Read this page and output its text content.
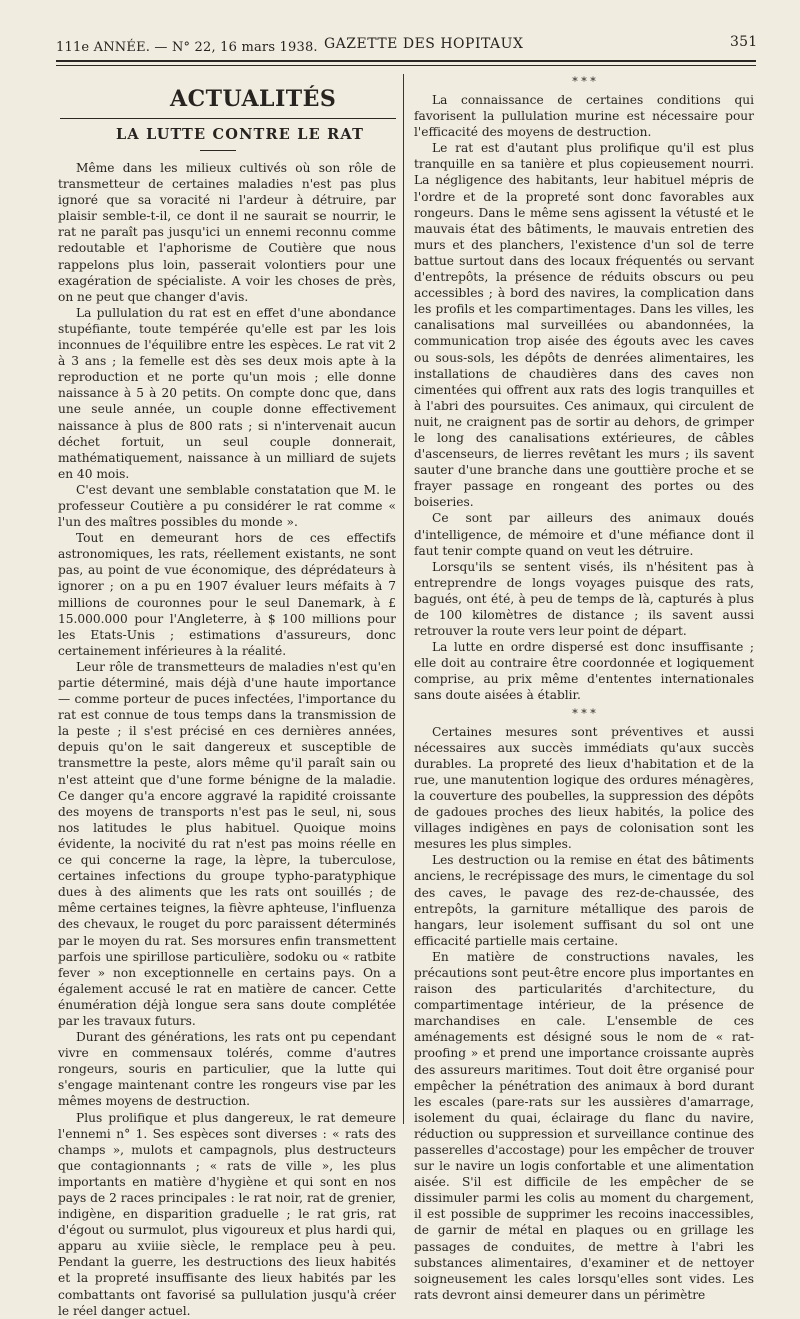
111e ANNÉE. — N° 22, 16 mars 1938. GAZETTE DES HOPITAUX	351
ACTUALITÉS
LA LUTTE CONTRE LE RAT

Même dans les milieux cultivés où son rôle de transmetteur de certaines maladies n'est pas plus ignoré que sa voracité ni l'ardeur à détruire, par plaisir semble-t-il, ce dont il ne saurait se nourrir, le rat ne paraît pas jusqu'ici un ennemi reconnu comme redoutable et l'aphorisme de Coutière que nous rappelons plus loin, passerait volontiers pour une exagération de spécialiste. A voir les choses de près, on ne peut que changer d'avis.

La pullulation du rat est en effet d'une abondance stupéfiante, toute tempérée qu'elle est par les lois inconnues de l'équilibre entre les espèces. Le rat vit 2 à 3 ans ; la femelle est dès ses deux mois apte à la reproduction et ne porte qu'un mois ; elle donne naissance à 5 à 20 petits. On compte donc que, dans une seule année, un couple donne effectivement naissance à plus de 800 rats ; si n'intervenait aucun déchet fortuit, un seul couple donnerait, mathématiquement, naissance à un milliard de sujets en 40 mois.

C'est devant une semblable constatation que M. le professeur Coutière a pu considérer le rat comme « l'un des maîtres possibles du monde ».

Tout en demeurant hors de ces effectifs astronomiques, les rats, réellement existants, ne sont pas, au point de vue économique, des déprédateurs à ignorer ; on a pu en 1907 évaluer leurs méfaits à 7 millions de couronnes pour le seul Danemark, à £ 15.000.000 pour l'Angleterre, à $ 100 millions pour les Etats-Unis ; estimations d'assureurs, donc certainement inférieures à la réalité.

Leur rôle de transmetteurs de maladies n'est qu'en partie déterminé, mais déjà d'une haute importance — comme porteur de puces infectées, l'importance du rat est connue de tous temps dans la transmission de la peste ; il s'est précisé en ces dernières années, depuis qu'on le sait dangereux et susceptible de transmettre la peste, alors même qu'il paraît sain ou n'est atteint que d'une forme bénigne de la maladie. Ce danger qu'a encore aggravé la rapidité croissante des moyens de transports n'est pas le seul, ni, sous nos latitudes le plus habituel. Quoique moins évidente, la nocivité du rat n'est pas moins réelle en ce qui concerne la rage, la lèpre, la tuberculose, certaines infections du groupe typho-paratyphique dues à des aliments que les rats ont souillés ; de même certaines teignes, la fièvre aphteuse, l'influenza des chevaux, le rouget du porc paraissent déterminés par le moyen du rat. Ses morsures enfin transmettent parfois une spirillose particulière, sodoku ou « ratbite fever » non exceptionnelle en certains pays. On a également accusé le rat en matière de cancer. Cette énumération déjà longue sera sans doute complétée par les travaux futurs.

Durant des générations, les rats ont pu cependant vivre en commensaux tolérés, comme d'autres rongeurs, souris en particulier, que la lutte qui s'engage maintenant contre les rongeurs vise par les mêmes moyens de destruction.

Plus prolifique et plus dangereux, le rat demeure l'ennemi n° 1. Ses espèces sont diverses : « rats des champs », mulots et campagnols, plus destructeurs que contagionnants ; « rats de ville », les plus importants en matière d'hygiène et qui sont en nos pays de 2 races principales : le rat noir, rat de grenier, indigène, en disparition graduelle ; le rat gris, rat d'égout ou surmulot, plus vigoureux et plus hardi qui, apparu au xviiie siècle, le remplace peu à peu. Pendant la guerre, les destructions des lieux habités et la propreté insuffisante des lieux habités par les combattants ont favorisé sa pullulation jusqu'à créer le réel danger actuel.

* * *

La connaissance de certaines conditions qui favorisent la pullulation murine est nécessaire pour l'efficacité des moyens de destruction.

Le rat est d'autant plus prolifique qu'il est plus tranquille en sa tanière et plus copieusement nourri. La négligence des habitants, leur habituel mépris de l'ordre et de la propreté sont donc favorables aux rongeurs. Dans le même sens agissent la vétusté et le mauvais état des bâtiments, le mauvais entretien des murs et des planchers, l'existence d'un sol de terre battue surtout dans des locaux fréquentés ou servant d'entrepôts, la présence de réduits obscurs ou peu accessibles ; à bord des navires, la complication dans les profils et les compartimentages. Dans les villes, les canalisations mal surveillées ou abandonnées, la communication trop aisée des égouts avec les caves ou sous-sols, les dépôts de denrées alimentaires, les installations de chaudières dans des caves non cimentées qui offrent aux rats des logis tranquilles et à l'abri des poursuites. Ces animaux, qui circulent de nuit, ne craignent pas de sortir au dehors, de grimper le long des canalisations extérieures, de câbles d'ascenseurs, de lierres revêtant les murs ; ils savent sauter d'une branche dans une gouttière proche et se frayer passage en rongeant des portes ou des boiseries.

Ce sont par ailleurs des animaux doués d'intelligence, de mémoire et d'une méfiance dont il faut tenir compte quand on veut les détruire.

Lorsqu'ils se sentent visés, ils n'hésitent pas à entreprendre de longs voyages puisque des rats, bagués, ont été, à peu de temps de là, capturés à plus de 100 kilomètres de distance ; ils savent aussi retrouver la route vers leur point de départ.

La lutte en ordre dispersé est donc insuffisante ; elle doit au contraire être coordonnée et logiquement comprise, au prix même d'ententes internationales sans doute aisées à établir.

* * *

Certaines mesures sont préventives et aussi nécessaires aux succès immédiats qu'aux succès durables. La propreté des lieux d'habitation et de la rue, une manutention logique des ordures ménagères, la couverture des poubelles, la suppression des dépôts de gadoues proches des lieux habités, la police des villages indigènes en pays de colonisation sont les mesures les plus simples.

Les destruction ou la remise en état des bâtiments anciens, le recrépissage des murs, le cimentage du sol des caves, le pavage des rez-de-chaussée, des entrepôts, la garniture métallique des parois de hangars, leur isolement suffisant du sol ont une efficacité partielle mais certaine.

En matière de constructions navales, les précautions sont peut-être encore plus importantes en raison des particularités d'architecture, du compartimentage intérieur, de la présence de marchandises en cale. L'ensemble de ces aménagements est désigné sous le nom de « rat-proofing » et prend une importance croissante auprès des assureurs maritimes. Tout doit être organisé pour empêcher la pénétration des animaux à bord durant les escales (pare-rats sur les aussières d'amarrage, isolement du quai, éclairage du flanc du navire, réduction ou suppression et surveillance continue des passerelles d'accostage) pour les empêcher de trouver sur le navire un logis confortable et une alimentation aisée. S'il est difficile de les empêcher de se dissimuler parmi les colis au moment du chargement, il est possible de supprimer les recoins inaccessibles, de garnir de métal en plaques ou en grillage les passages de conduites, de mettre à l'abri les substances alimentaires, d'examiner et de nettoyer soigneusement les cales lorsqu'elles sont vides. Les rats devront ainsi demeurer dans un périmètre
